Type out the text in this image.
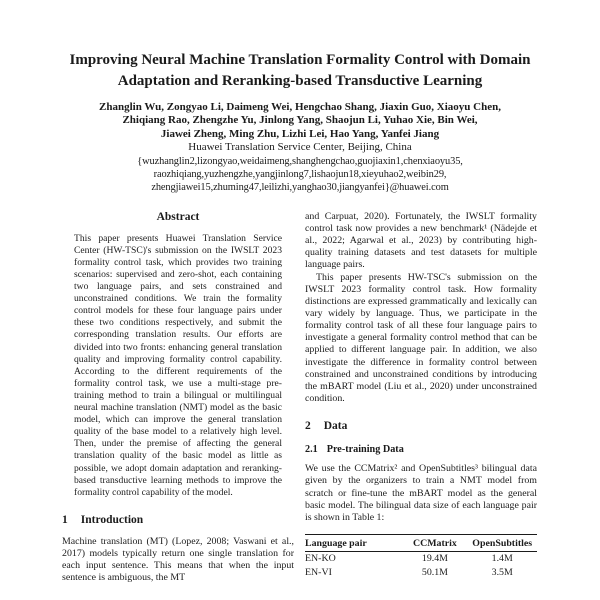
Improving Neural Machine Translation Formality Control with Domain
Adaptation and Reranking-based Transductive Learning
Zhanglin Wu, Zongyao Li, Daimeng Wei, Hengchao Shang, Jiaxin Guo, Xiaoyu Chen,
Zhiqiang Rao, Zhengzhe Yu, Jinlong Yang, Shaojun Li, Yuhao Xie, Bin Wei,
Jiawei Zheng, Ming Zhu, Lizhi Lei, Hao Yang, Yanfei Jiang
Huawei Translation Service Center, Beijing, China
{wuzhanglin2,lizongyao,weidaimeng,shanghengchao,guojiaxin1,chenxiaoyu35,
raozhiqiang,yuzhengzhe,yangjinlong7,lishaojun18,xieyuhao2,weibin29,
zhengjiawei15,zhuming47,leilizhi,yanghao30,jiangyanfei}@huawei.com
Abstract

This paper presents Huawei Translation Service Center (HW-TSC)'s submission on the IWSLT 2023 formality control task, which provides two training scenarios: supervised and zero-shot, each containing two language pairs, and sets constrained and unconstrained conditions. We train the formality control models for these four language pairs under these two conditions respectively, and submit the corresponding translation results. Our efforts are divided into two fronts: enhancing general translation quality and improving formality control capability. According to the different requirements of the formality control task, we use a multi-stage pre-training method to train a bilingual or multilingual neural machine translation (NMT) model as the basic model, which can improve the general translation quality of the base model to a relatively high level. Then, under the premise of affecting the general translation quality of the basic model as little as possible, we adopt domain adaptation and reranking-based transductive learning methods to improve the formality control capability of the model.

1 Introduction

Machine translation (MT) (Lopez, 2008; Vaswani et al., 2017) models typically return one single translation for each input sentence. This means that when the input sentence is ambiguous, the MT

and Carpuat, 2020). Fortunately, the IWSLT formality control task now provides a new benchmark¹ (Nädejde et al., 2022; Agarwal et al., 2023) by contributing high-quality training datasets and test datasets for multiple language pairs.

This paper presents HW-TSC's submission on the IWSLT 2023 formality control task. How formality distinctions are expressed grammatically and lexically can vary widely by language. Thus, we participate in the formality control task of all these four language pairs to investigate a general formality control method that can be applied to different language pair. In addition, we also investigate the difference in formality control between constrained and unconstrained conditions by introducing the mBART model (Liu et al., 2020) under unconstrained condition.

2 Data
2.1 Pre-training Data

We use the CCMatrix² and OpenSubtitles³ bilingual data given by the organizers to train a NMT model from scratch or fine-tune the mBART model as the general basic model. The bilingual data size of each language pair is shown in Table 1:

Language pair	CCMatrix	OpenSubtitles
EN-KO	19.4M	1.4M
EN-VI	50.1M	3.5M
